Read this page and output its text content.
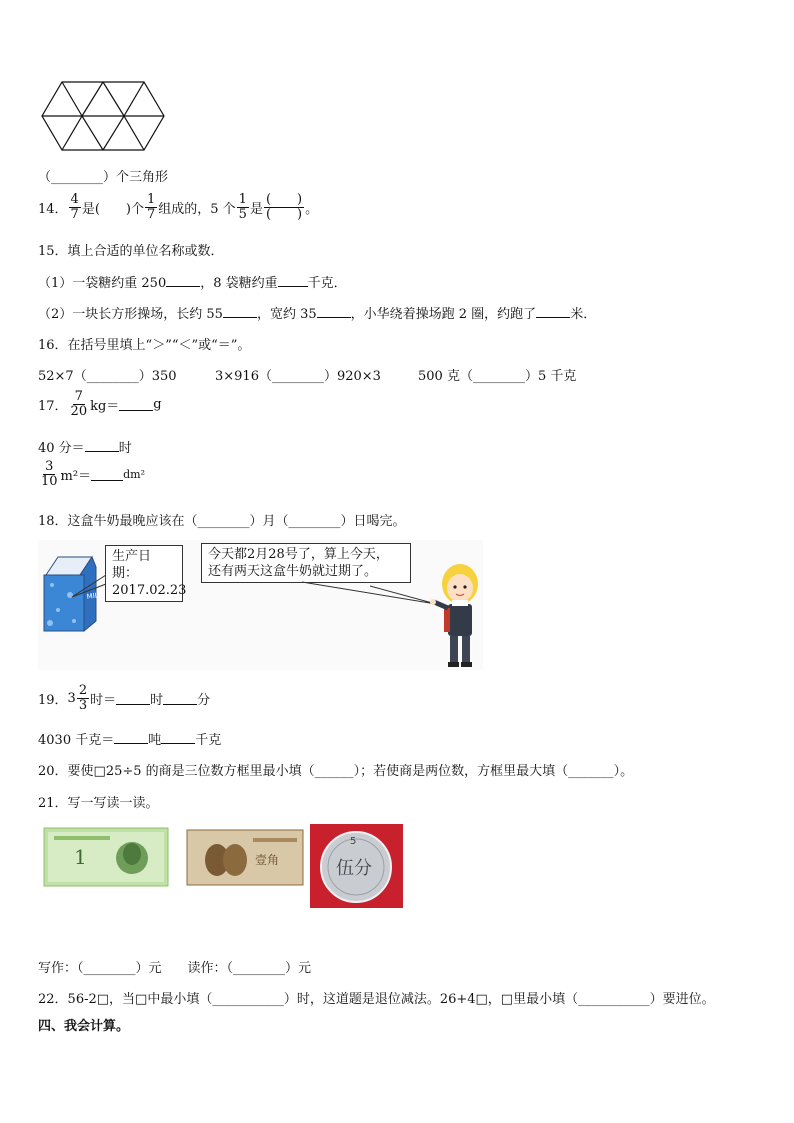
（________）个三角形
14． $\frac{4}{7}$ 是(　　)个 $\frac{1}{7}$ 组成的，5 个 $\frac{1}{5}$ 是 $\frac{( )}{( )}$ 。
15．填上合适的单位名称或数．
（1）一袋糖约重 250	，8 袋糖约重 千克．
（2）一块长方形操场，长约 55	，宽约 35	，小华绕着操场跑 2 圈，约跑了	米．
16．在括号里填上“＞”“＜”或“＝”。
52×7（________）350	3×916（________）920×3	500 克（________）5 千克
17． $\frac{7}{20} kg=$	g
40 分＝	时
$\frac{3}{10} m^2=$	dm²
18．这盒牛奶最晚应该在（________）月（________）日喝完。
MILK
生产日期：
2017.02.23
今天都2月28号了，算上今天，
还有两天这盒牛奶就过期了。
19． $3 \frac{2}{3}$ 时＝	时	分
4030 千克＝	吨	千克
20．要使□25÷5 的商是三位数方框里最小填（______）；若使商是两位数，方框里最大填（_______）。
21．写一写读一读。
1	壹角
5
伍分
写作：（________）元　　读作：（________）元
22．56-2□，当□中最小填（___________）时，这道题是退位减法。26+4□，□里最小填（___________）要进位。
四、我会计算。
